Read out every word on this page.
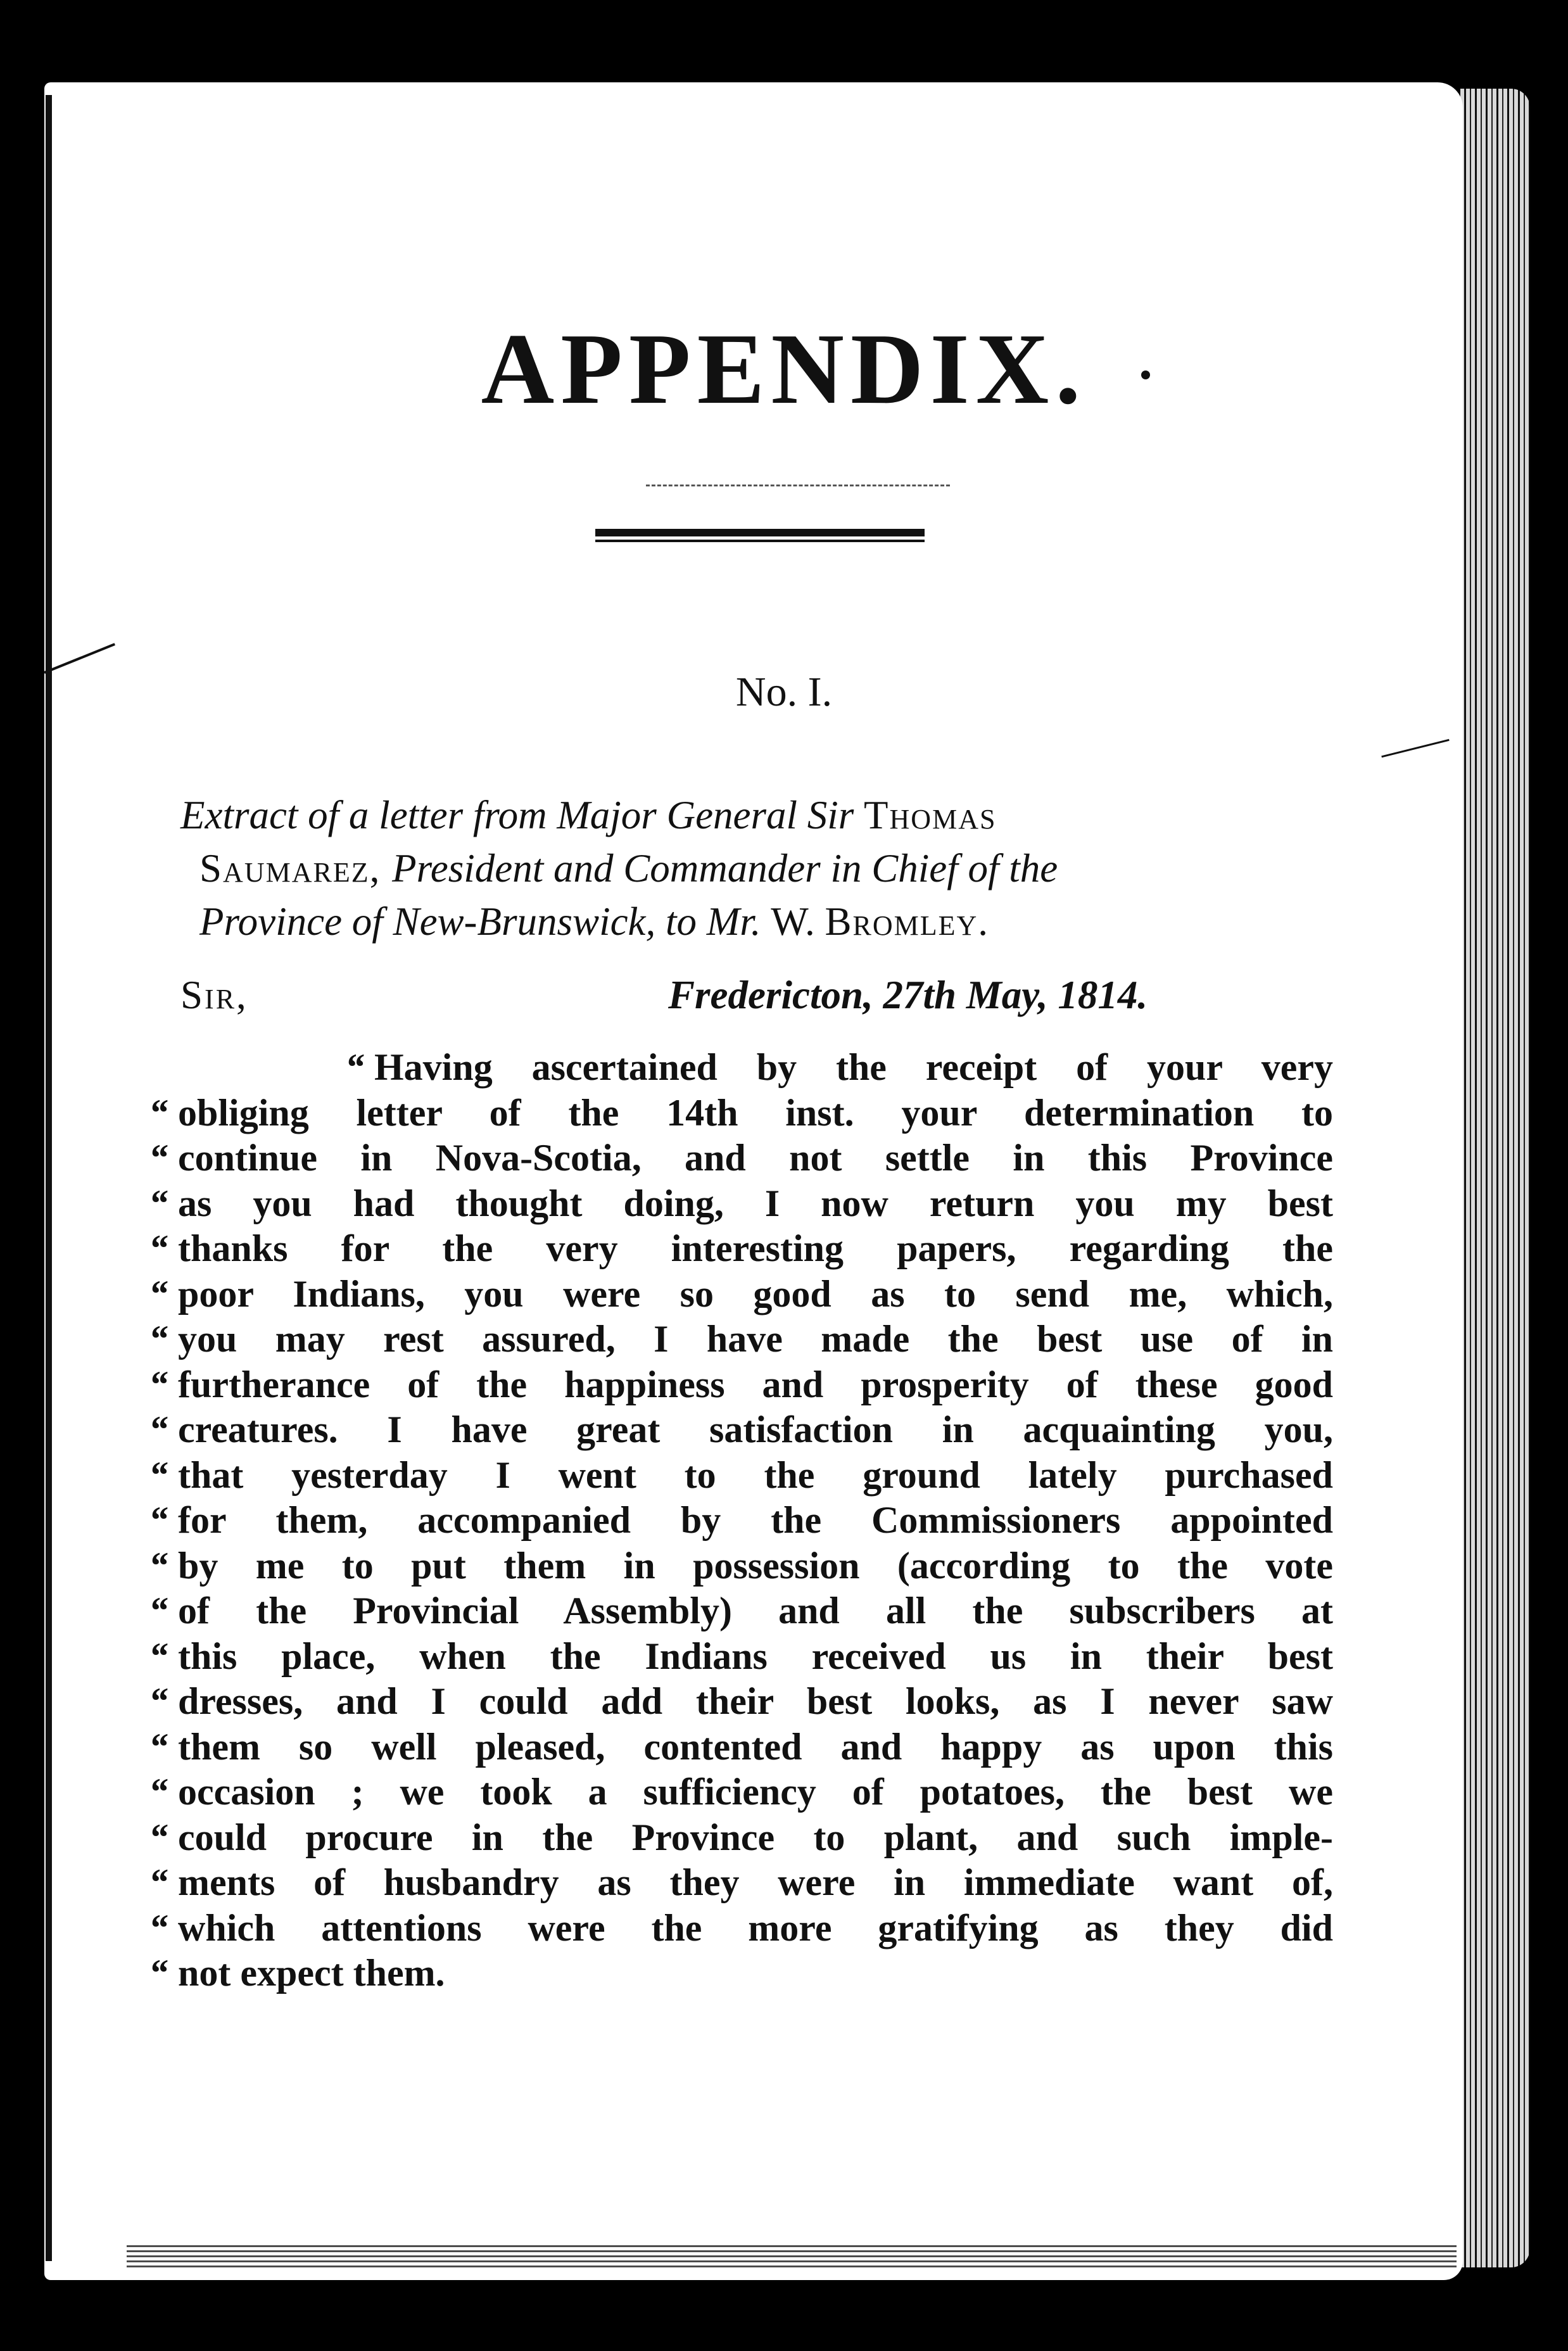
APPENDIX.
No. I.
Extract of a letter from Major General Sir Thomas
Saumarez, President and Commander in Chief of the
Province of New-Brunswick, to Mr. W. Bromley.
Sir,	Fredericton, 27th May, 1814.
“ Having ascertained by the receipt of your very
“ obliging letter of the 14th inst. your determination to
“ continue in Nova-Scotia, and not settle in this Province
“ as you had thought doing, I now return you my best
“ thanks for the very interesting papers, regarding the
“ poor Indians, you were so good as to send me, which,
“ you may rest assured, I have made the best use of in
“ furtherance of the happiness and prosperity of these good
“ creatures. I have great satisfaction in acquainting you,
“ that yesterday I went to the ground lately purchased
“ for them, accompanied by the Commissioners appointed
“ by me to put them in possession (according to the vote
“ of the Provincial Assembly) and all the subscribers at
“ this place, when the Indians received us in their best
“ dresses, and I could add their best looks, as I never saw
“ them so well pleased, contented and happy as upon this
“ occasion ; we took a sufficiency of potatoes, the best we
“ could procure in the Province to plant, and such imple-
“ ments of husbandry as they were in immediate want of,
“ which attentions were the more gratifying as they did
“ not expect them.
